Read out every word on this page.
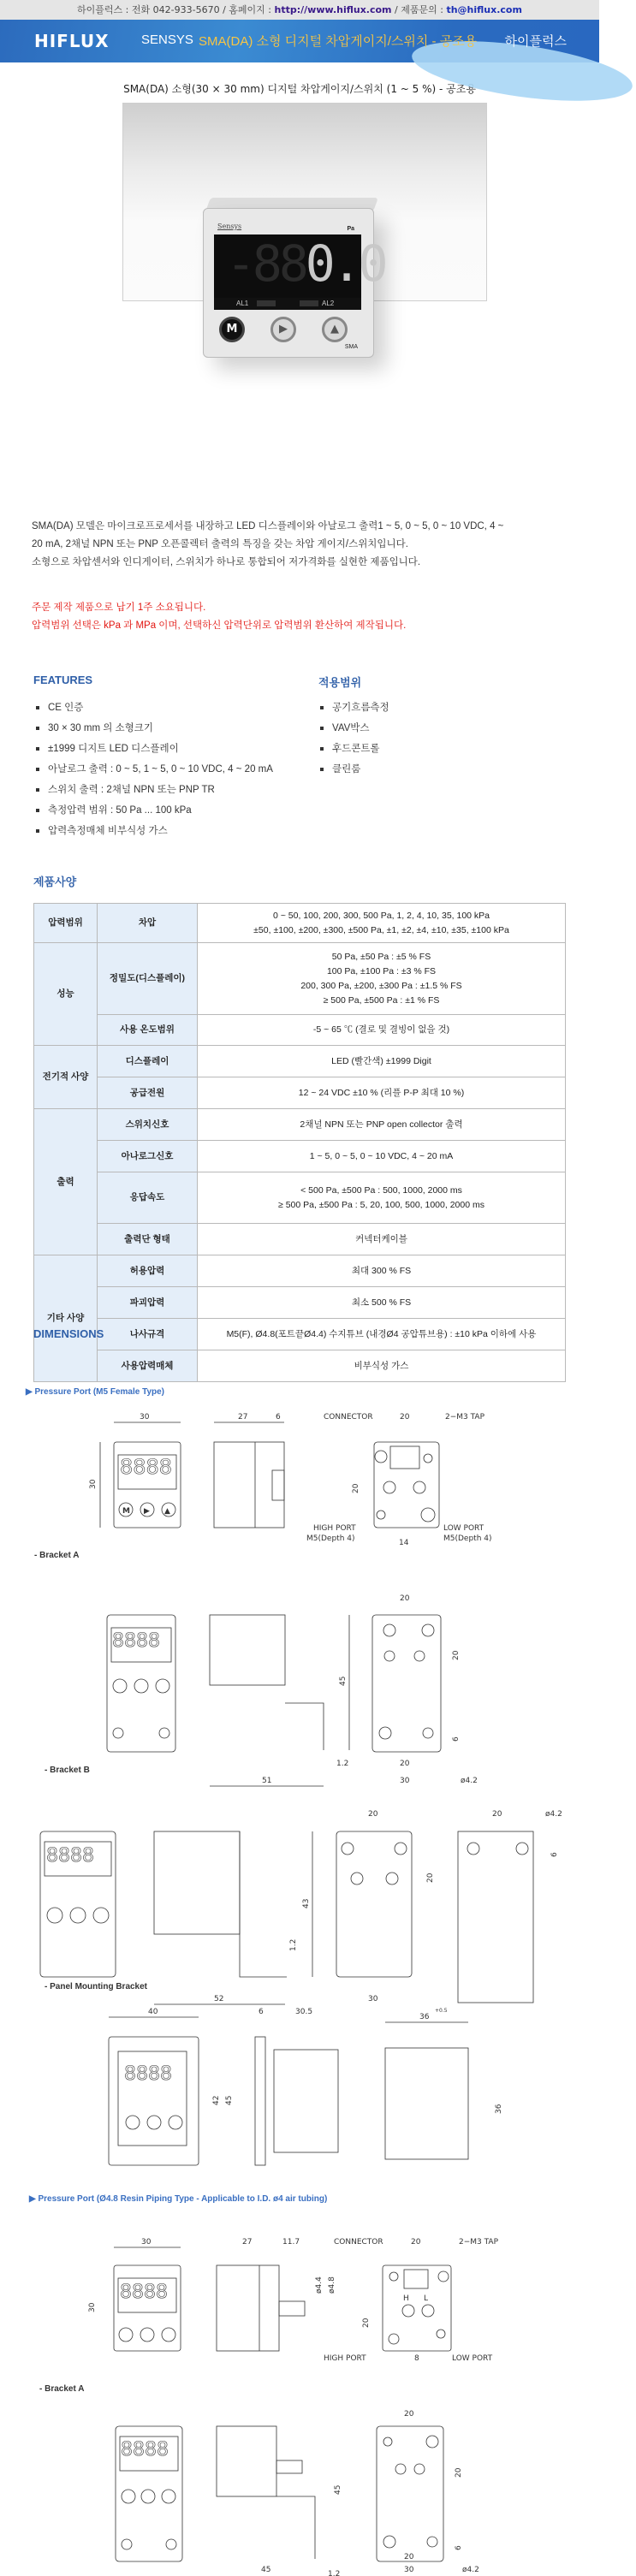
하이플럭스 : 전화 042-933-5670 / 홈페이지 : http://www.hiflux.com / 제품문의 : th@hiflux.com
HIFLUX SENSYS SMA(DA) 소형 디지털 차압게이지/스위치 - 공조용 하이플럭스
SMA(DA) 소형(30 × 30 mm) 디지털 차압게이지/스위치 (1 ~ 5 %) - 공조용
Sensys	Pa
-880.0
AL1	AL2
M	▶	▲
SMA
SMA(DA) 모델은 마이크로프로세서를 내장하고 LED 디스플레이와 아날로그 출력1 ~ 5, 0 ~ 5, 0 ~ 10 VDC, 4 ~
20 mA, 2채널 NPN 또는 PNP 오픈콜렉터 출력의 특징을 갖는 차압 게이지/스위치입니다.
소형으로 차압센서와 인디게이터, 스위치가 하나로 통합되어 저가격화를 실현한 제품입니다.
주문 제작 제품으로 납기 1주 소요됩니다.
압력범위 선택은 kPa 과 MPa 이며, 선택하신 압력단위로 압력범위 환산하여 제작됩니다.
FEATURES
CE 인증
30 × 30 mm 의 소형크기
±1999 디지트 LED 디스플레이
아날로그 출력 : 0 ~ 5, 1 ~ 5, 0 ~ 10 VDC, 4 ~ 20 mA
스위치 출력 : 2채널 NPN 또는 PNP TR
측정압력 범위 : 50 Pa ... 100 kPa
압력측정매체 비부식성 가스
적용범위
공기흐름측정
VAV박스
후드콘트롤
클린룸
제품사양
압력범위	차압	0 ~ 50, 100, 200, 300, 500 Pa, 1, 2, 4, 10, 35, 100 kPa
±50, ±100, ±200, ±300, ±500 Pa, ±1, ±2, ±4, ±10, ±35, ±100 kPa

성능	정밀도(디스플레이)	50 Pa, ±50 Pa : ±5 % FS
100 Pa, ±100 Pa : ±3 % FS
200, 300 Pa, ±200, ±300 Pa : ±1.5 % FS
≥ 500 Pa, ±500 Pa : ±1 % FS

	사용 온도범위	-5 ~ 65 ℃ (결로 및 결빙이 없을 것)
전기적 사양	디스플레이	LED (빨간색) ±1999 Digit
	공급전원	12 ~ 24 VDC ±10 % (리플 P-P 최대 10 %)
출력	스위치신호	2채널 NPN 또는 PNP open collector 출력
	아나로그신호	1 ~ 5, 0 ~ 5, 0 ~ 10 VDC, 4 ~ 20 mA
	응답속도	< 500 Pa, ±500 Pa : 500, 1000, 2000 ms
≥ 500 Pa, ±500 Pa : 5, 20, 100, 500, 1000, 2000 ms

	출력단 형태	커넥터케이블
기타 사양	허용압력	최대 300 % FS
	파괴압력	최소 500 % FS
	나사규격	M5(F), Ø4.8(포트끝Ø4.4) 수지튜브 (내경Ø4 공압튜브용) : ±10 kPa 이하에 사용
	사용압력매체	비부식성 가스
DIMENSIONS
▶ Pressure Port (M5 Female Type)
8888
M ▶ ▲
30
30
27	6	CONNECTOR	20	2−M3 TAP
20
14
HIGH PORT
M5(Depth 4)
LOW PORT
M5(Depth 4)
- Bracket A
8888
45
1.2
51
20
20
6
20
30	ø4.2
- Bracket B
8888
43
1.2
52
20
20
30
20	ø4.2
6
- Panel Mounting Bracket
8888
40
42 45
6	30.5
36
+0.5
36
▶ Pressure Port (Ø4.8 Resin Piping Type - Applicable to I.D. ø4 air tubing)
8888
30
30
27	11.7
ø4.4 ø4.8
H L
CONNECTOR	20	2−M3 TAP
20
8
HIGH PORT	LOW PORT
- Bracket A
8888
45
1.2
45
20
20
6
20
30	ø4.2
